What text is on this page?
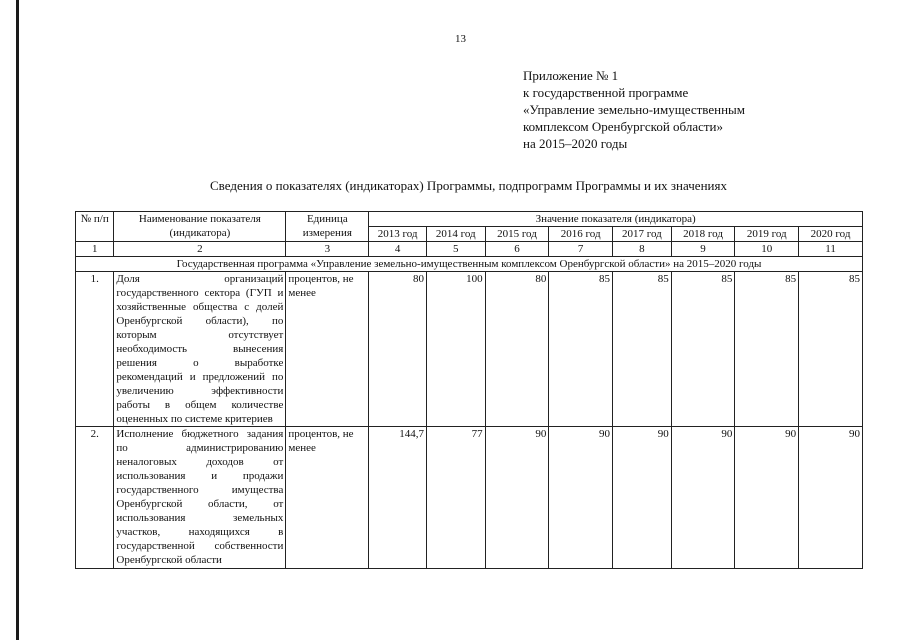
13
Приложение № 1
к государственной программе
«Управление земельно-имущественным
комплексом Оренбургской области»
на 2015–2020 годы
Сведения о показателях (индикаторах) Программы, подпрограмм Программы и их значениях
№ п/п	Наименование показателя (индикатора)	Единица измерения	Значение показателя (индикатора)							
			2013 год	2014 год	2015 год	2016 год	2017 год	2018 год	2019 год	2020 год
1	2	3	4	5	6	7	8	9	10	11
Государственная программа «Управление земельно-имущественным комплексом Оренбургской области» на 2015–2020 годы										
1.	Доля организаций государственного сектора (ГУП и хозяйственные общества с долей Оренбургской области), по которым отсутствует необходимость вынесения решения о выработке рекомендаций и предложений по увеличению эффективности работы в общем количестве оцененных по системе критериев	процентов, не менее	80	100	80	85	85	85	85	85
2.	Исполнение бюджетного задания по администрированию неналоговых доходов от использования и продажи государственного имущества Оренбургской области, от использования земельных участков, находящихся в государственной собственности Оренбургской области	процентов, не менее	144,7	77	90	90	90	90	90	90
